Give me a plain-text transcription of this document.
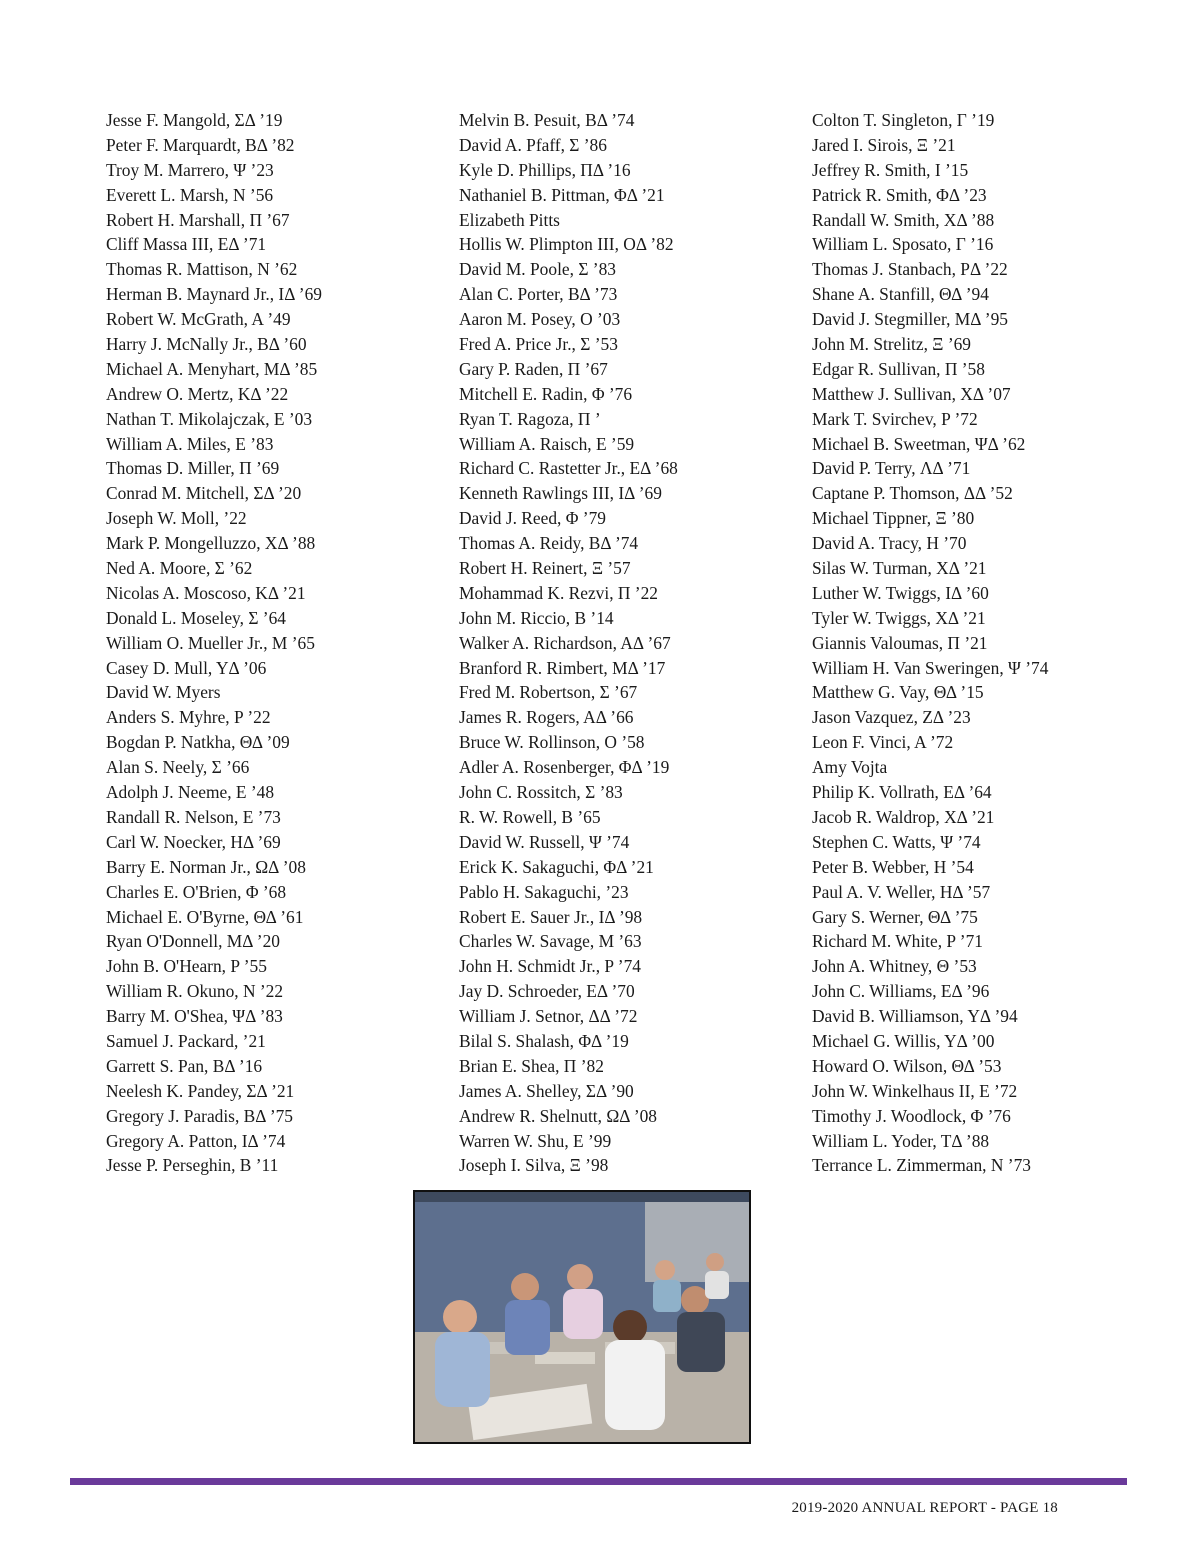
Jesse F. Mangold, ΣΔ ’19
Peter F. Marquardt, BΔ ’82
Troy M. Marrero, Ψ ’23
Everett L. Marsh, N ’56
Robert H. Marshall, Π ’67
Cliff Massa III, EΔ ’71
Thomas R. Mattison, N ’62
Herman B. Maynard Jr., IΔ ’69
Robert W. McGrath, A ’49
Harry J. McNally Jr., BΔ ’60
Michael A. Menyhart, MΔ ’85
Andrew O. Mertz, KΔ ’22
Nathan T. Mikolajczak, E ’03
William A. Miles, E ’83
Thomas D. Miller, Π ’69
Conrad M. Mitchell, ΣΔ ’20
Joseph W. Moll, ’22
Mark P. Mongelluzzo, XΔ ’88
Ned A. Moore, Σ ’62
Nicolas A. Moscoso, KΔ ’21
Donald L. Moseley, Σ ’64
William O. Mueller Jr., M ’65
Casey D. Mull, YΔ ’06
David W. Myers
Anders S. Myhre, P ’22
Bogdan P. Natkha, ΘΔ ’09
Alan S. Neely, Σ ’66
Adolph J. Neeme, E ’48
Randall R. Nelson, E ’73
Carl W. Noecker, HΔ ’69
Barry E. Norman Jr., ΩΔ ’08
Charles E. O'Brien, Φ ’68
Michael E. O'Byrne, ΘΔ ’61
Ryan O'Donnell, MΔ ’20
John B. O'Hearn, P ’55
William R. Okuno, N ’22
Barry M. O'Shea, ΨΔ ’83
Samuel J. Packard, ’21
Garrett S. Pan, BΔ ’16
Neelesh K. Pandey, ΣΔ ’21
Gregory J. Paradis, BΔ ’75
Gregory A. Patton, IΔ ’74
Jesse P. Perseghin, B ’11
Melvin B. Pesuit, BΔ ’74
David A. Pfaff, Σ ’86
Kyle D. Phillips, ΠΔ ’16
Nathaniel B. Pittman, ΦΔ ’21
Elizabeth Pitts
Hollis W. Plimpton III, OΔ ’82
David M. Poole, Σ ’83
Alan C. Porter, BΔ ’73
Aaron M. Posey, O ’03
Fred A. Price Jr., Σ ’53
Gary P. Raden, Π ’67
Mitchell E. Radin, Φ ’76
Ryan T. Ragoza, Π ’
William A. Raisch, E ’59
Richard C. Rastetter Jr., EΔ ’68
Kenneth Rawlings III, IΔ ’69
David J. Reed, Φ ’79
Thomas A. Reidy, BΔ ’74
Robert H. Reinert, Ξ ’57
Mohammad K. Rezvi, Π ’22
John M. Riccio, B ’14
Walker A. Richardson, AΔ ’67
Branford R. Rimbert, MΔ ’17
Fred M. Robertson, Σ ’67
James R. Rogers, AΔ ’66
Bruce W. Rollinson, O ’58
Adler A. Rosenberger, ΦΔ ’19
John C. Rossitch, Σ ’83
R. W. Rowell, B ’65
David W. Russell, Ψ ’74
Erick K. Sakaguchi, ΦΔ ’21
Pablo H. Sakaguchi, ’23
Robert E. Sauer Jr., IΔ ’98
Charles W. Savage, M ’63
John H. Schmidt Jr., P ’74
Jay D. Schroeder, EΔ ’70
William J. Setnor, ΔΔ ’72
Bilal S. Shalash, ΦΔ ’19
Brian E. Shea, Π ’82
James A. Shelley, ΣΔ ’90
Andrew R. Shelnutt, ΩΔ ’08
Warren W. Shu, E ’99
Joseph I. Silva, Ξ ’98
Colton T. Singleton, Γ ’19
Jared I. Sirois, Ξ ’21
Jeffrey R. Smith, I ’15
Patrick R. Smith, ΦΔ ’23
Randall W. Smith, XΔ ’88
William L. Sposato, Γ ’16
Thomas J. Stanbach, PΔ ’22
Shane A. Stanfill, ΘΔ ’94
David J. Stegmiller, MΔ ’95
John M. Strelitz, Ξ ’69
Edgar R. Sullivan, Π ’58
Matthew J. Sullivan, XΔ ’07
Mark T. Svirchev, P ’72
Michael B. Sweetman, ΨΔ ’62
David P. Terry, ΛΔ ’71
Captane P. Thomson, ΔΔ ’52
Michael Tippner, Ξ ’80
David A. Tracy, H ’70
Silas W. Turman, XΔ ’21
Luther W. Twiggs, IΔ ’60
Tyler W. Twiggs, XΔ ’21
Giannis Valoumas, Π ’21
William H. Van Sweringen, Ψ ’74
Matthew G. Vay, ΘΔ ’15
Jason Vazquez, ZΔ ’23
Leon F. Vinci, A ’72
Amy Vojta
Philip K. Vollrath, EΔ ’64
Jacob R. Waldrop, XΔ ’21
Stephen C. Watts, Ψ ’74
Peter B. Webber, H ’54
Paul A. V. Weller, HΔ ’57
Gary S. Werner, ΘΔ ’75
Richard M. White, P ’71
John A. Whitney, Θ ’53
John C. Williams, EΔ ’96
David B. Williamson, YΔ ’94
Michael G. Willis, YΔ ’00
Howard O. Wilson, ΘΔ ’53
John W. Winkelhaus II, E ’72
Timothy J. Woodlock, Φ ’76
William L. Yoder, TΔ ’88
Terrance L. Zimmerman, N ’73
2019-2020 ANNUAL REPORT - PAGE 18
